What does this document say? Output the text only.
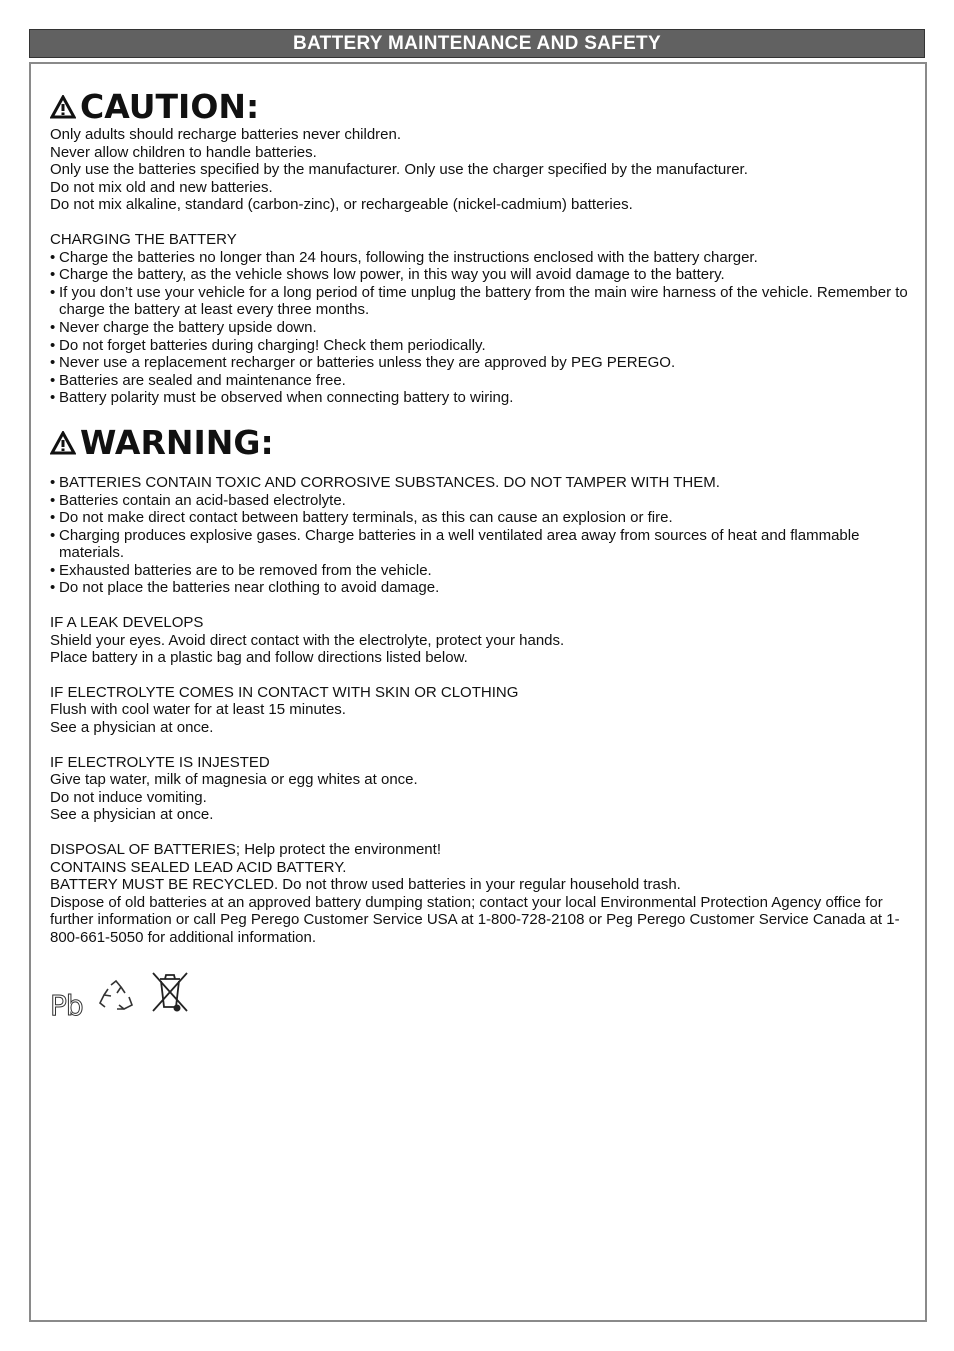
BATTERY MAINTENANCE AND SAFETY
CAUTION:
Only adults should recharge batteries never children.
Never allow children to handle batteries.
Only use the batteries specified by the manufacturer. Only use the charger specified by the manufacturer.
Do not mix old and new batteries.
Do not mix alkaline, standard (carbon-zinc), or rechargeable (nickel-cadmium) batteries.
CHARGING THE BATTERY
• Charge the batteries no longer than 24 hours, following the instructions enclosed with the battery charger.
• Charge the battery, as the vehicle shows low power, in this way you will avoid damage to the battery.
• If you don’t use your vehicle for a long period of time unplug the battery from the main wire harness of the vehicle. Remember to charge the battery at least every three months.
• Never charge the battery upside down.
• Do not forget batteries during charging! Check them periodically.
• Never use a replacement recharger or batteries unless they are approved by PEG PEREGO.
• Batteries are sealed and maintenance free.
• Battery polarity must be observed when connecting battery to wiring.
WARNING:
• BATTERIES CONTAIN TOXIC AND CORROSIVE SUBSTANCES. DO NOT TAMPER WITH THEM.
• Batteries contain an acid-based electrolyte.
• Do not make direct contact between battery terminals, as this can cause an explosion or fire.
• Charging produces explosive gases. Charge batteries in a well ventilated area away from sources of heat and flammable materials.
• Exhausted batteries are to be removed from the vehicle.
• Do not place the batteries near clothing to avoid damage.
IF A LEAK DEVELOPS
Shield your eyes. Avoid direct contact with the electrolyte, protect your hands.
Place battery in a plastic bag and follow directions listed below.
IF ELECTROLYTE COMES IN CONTACT WITH SKIN OR CLOTHING
Flush with cool water for at least 15 minutes.
See a physician at once.
IF ELECTROLYTE IS INJESTED
Give tap water, milk of magnesia or egg whites at once.
Do not induce vomiting.
See a physician at once.
DISPOSAL OF BATTERIES; Help protect the environment!
CONTAINS SEALED LEAD ACID BATTERY.
BATTERY MUST BE RECYCLED. Do not throw used batteries in your regular household trash.
Dispose of old batteries at an approved battery dumping station; contact your local Environmental Protection Agency office for further information or call Peg Perego Customer Service USA at 1-800-728-2108 or Peg Perego Customer Service Canada at 1-800-661-5050 for additional information.
Pb
